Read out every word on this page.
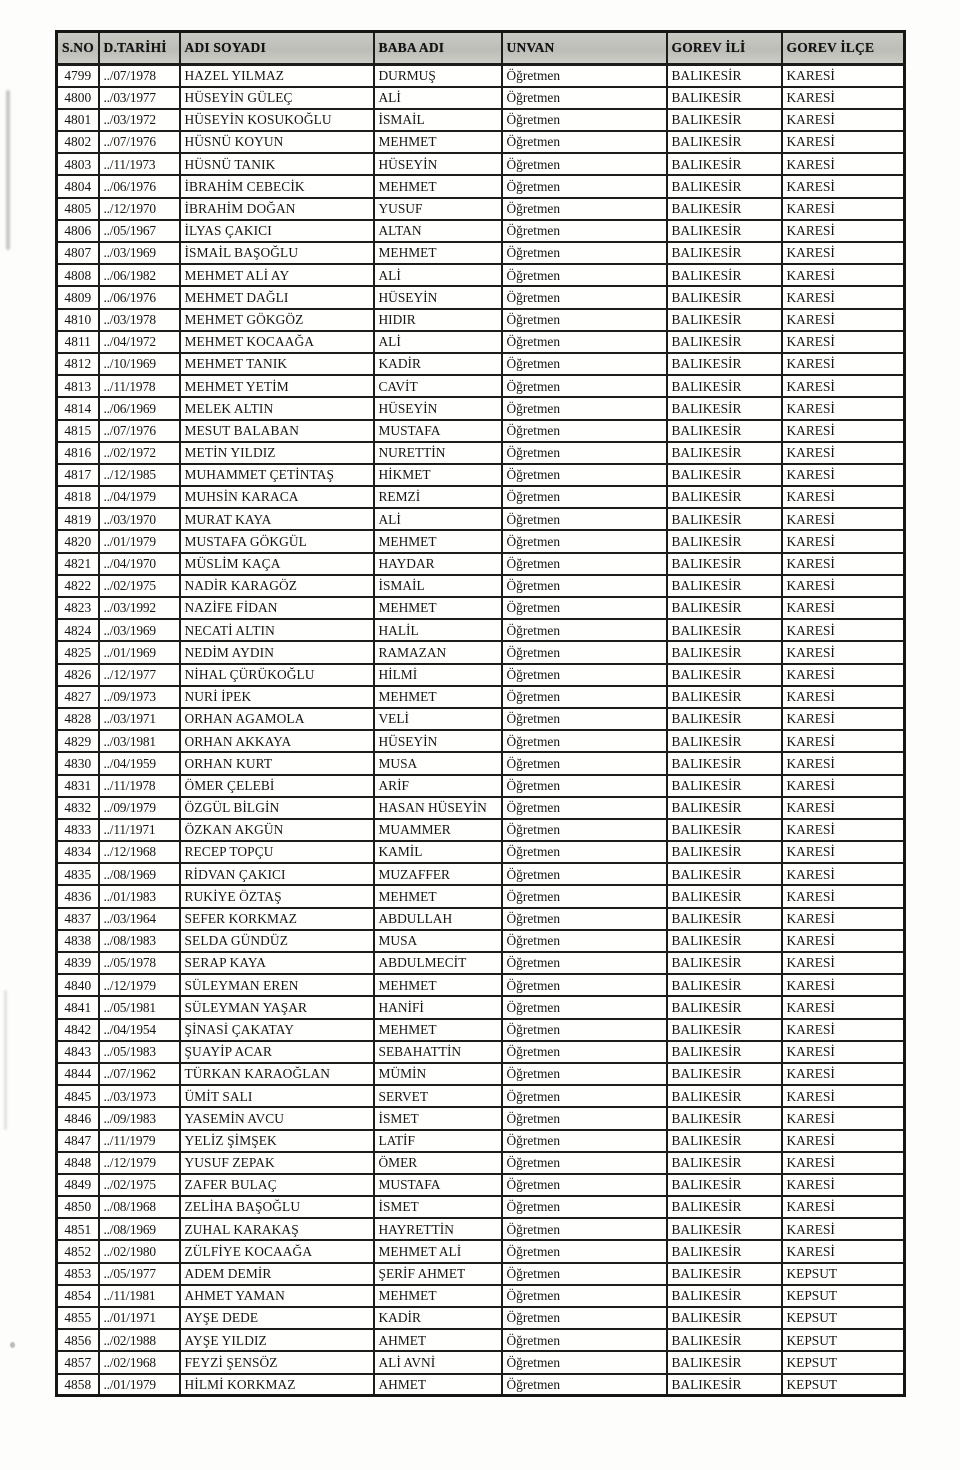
S.NO	D.TARİHİ	ADI SOYADI	BABA ADI	UNVAN	GOREV İLİ	GOREV İLÇE
4799	../07/1978	HAZEL YILMAZ	DURMUŞ	Öğretmen	BALIKESİR	KARESİ
4800	../03/1977	HÜSEYİN GÜLEÇ	ALİ	Öğretmen	BALIKESİR	KARESİ
4801	../03/1972	HÜSEYİN KOSUKOĞLU	İSMAİL	Öğretmen	BALIKESİR	KARESİ
4802	../07/1976	HÜSNÜ KOYUN	MEHMET	Öğretmen	BALIKESİR	KARESİ
4803	../11/1973	HÜSNÜ TANIK	HÜSEYİN	Öğretmen	BALIKESİR	KARESİ
4804	../06/1976	İBRAHİM CEBECİK	MEHMET	Öğretmen	BALIKESİR	KARESİ
4805	../12/1970	İBRAHİM DOĞAN	YUSUF	Öğretmen	BALIKESİR	KARESİ
4806	../05/1967	İLYAS ÇAKICI	ALTAN	Öğretmen	BALIKESİR	KARESİ
4807	../03/1969	İSMAİL BAŞOĞLU	MEHMET	Öğretmen	BALIKESİR	KARESİ
4808	../06/1982	MEHMET ALİ AY	ALİ	Öğretmen	BALIKESİR	KARESİ
4809	../06/1976	MEHMET DAĞLI	HÜSEYİN	Öğretmen	BALIKESİR	KARESİ
4810	../03/1978	MEHMET GÖKGÖZ	HIDIR	Öğretmen	BALIKESİR	KARESİ
4811	../04/1972	MEHMET KOCAAĞA	ALİ	Öğretmen	BALIKESİR	KARESİ
4812	../10/1969	MEHMET TANIK	KADİR	Öğretmen	BALIKESİR	KARESİ
4813	../11/1978	MEHMET YETİM	CAVİT	Öğretmen	BALIKESİR	KARESİ
4814	../06/1969	MELEK ALTIN	HÜSEYİN	Öğretmen	BALIKESİR	KARESİ
4815	../07/1976	MESUT BALABAN	MUSTAFA	Öğretmen	BALIKESİR	KARESİ
4816	../02/1972	METİN YILDIZ	NURETTİN	Öğretmen	BALIKESİR	KARESİ
4817	../12/1985	MUHAMMET ÇETİNTAŞ	HİKMET	Öğretmen	BALIKESİR	KARESİ
4818	../04/1979	MUHSİN KARACA	REMZİ	Öğretmen	BALIKESİR	KARESİ
4819	../03/1970	MURAT KAYA	ALİ	Öğretmen	BALIKESİR	KARESİ
4820	../01/1979	MUSTAFA GÖKGÜL	MEHMET	Öğretmen	BALIKESİR	KARESİ
4821	../04/1970	MÜSLİM KAÇA	HAYDAR	Öğretmen	BALIKESİR	KARESİ
4822	../02/1975	NADİR KARAGÖZ	İSMAİL	Öğretmen	BALIKESİR	KARESİ
4823	../03/1992	NAZİFE FİDAN	MEHMET	Öğretmen	BALIKESİR	KARESİ
4824	../03/1969	NECATİ ALTIN	HALİL	Öğretmen	BALIKESİR	KARESİ
4825	../01/1969	NEDİM AYDIN	RAMAZAN	Öğretmen	BALIKESİR	KARESİ
4826	../12/1977	NİHAL ÇÜRÜKOĞLU	HİLMİ	Öğretmen	BALIKESİR	KARESİ
4827	../09/1973	NURİ İPEK	MEHMET	Öğretmen	BALIKESİR	KARESİ
4828	../03/1971	ORHAN AGAMOLA	VELİ	Öğretmen	BALIKESİR	KARESİ
4829	../03/1981	ORHAN AKKAYA	HÜSEYİN	Öğretmen	BALIKESİR	KARESİ
4830	../04/1959	ORHAN KURT	MUSA	Öğretmen	BALIKESİR	KARESİ
4831	../11/1978	ÖMER ÇELEBİ	ARİF	Öğretmen	BALIKESİR	KARESİ
4832	../09/1979	ÖZGÜL BİLGİN	HASAN HÜSEYİN	Öğretmen	BALIKESİR	KARESİ
4833	../11/1971	ÖZKAN AKGÜN	MUAMMER	Öğretmen	BALIKESİR	KARESİ
4834	../12/1968	RECEP TOPÇU	KAMİL	Öğretmen	BALIKESİR	KARESİ
4835	../08/1969	RİDVAN ÇAKICI	MUZAFFER	Öğretmen	BALIKESİR	KARESİ
4836	../01/1983	RUKİYE ÖZTAŞ	MEHMET	Öğretmen	BALIKESİR	KARESİ
4837	../03/1964	SEFER KORKMAZ	ABDULLAH	Öğretmen	BALIKESİR	KARESİ
4838	../08/1983	SELDA GÜNDÜZ	MUSA	Öğretmen	BALIKESİR	KARESİ
4839	../05/1978	SERAP KAYA	ABDULMECİT	Öğretmen	BALIKESİR	KARESİ
4840	../12/1979	SÜLEYMAN EREN	MEHMET	Öğretmen	BALIKESİR	KARESİ
4841	../05/1981	SÜLEYMAN YAŞAR	HANİFİ	Öğretmen	BALIKESİR	KARESİ
4842	../04/1954	ŞİNASİ ÇAKATAY	MEHMET	Öğretmen	BALIKESİR	KARESİ
4843	../05/1983	ŞUAYİP ACAR	SEBAHATTİN	Öğretmen	BALIKESİR	KARESİ
4844	../07/1962	TÜRKAN KARAOĞLAN	MÜMİN	Öğretmen	BALIKESİR	KARESİ
4845	../03/1973	ÜMİT SALI	SERVET	Öğretmen	BALIKESİR	KARESİ
4846	../09/1983	YASEMİN AVCU	İSMET	Öğretmen	BALIKESİR	KARESİ
4847	../11/1979	YELİZ ŞİMŞEK	LATİF	Öğretmen	BALIKESİR	KARESİ
4848	../12/1979	YUSUF ZEPAK	ÖMER	Öğretmen	BALIKESİR	KARESİ
4849	../02/1975	ZAFER BULAÇ	MUSTAFA	Öğretmen	BALIKESİR	KARESİ
4850	../08/1968	ZELİHA BAŞOĞLU	İSMET	Öğretmen	BALIKESİR	KARESİ
4851	../08/1969	ZUHAL KARAKAŞ	HAYRETTİN	Öğretmen	BALIKESİR	KARESİ
4852	../02/1980	ZÜLFİYE KOCAAĞA	MEHMET ALİ	Öğretmen	BALIKESİR	KARESİ
4853	../05/1977	ADEM DEMİR	ŞERİF AHMET	Öğretmen	BALIKESİR	KEPSUT
4854	../11/1981	AHMET YAMAN	MEHMET	Öğretmen	BALIKESİR	KEPSUT
4855	../01/1971	AYŞE DEDE	KADİR	Öğretmen	BALIKESİR	KEPSUT
4856	../02/1988	AYŞE YILDIZ	AHMET	Öğretmen	BALIKESİR	KEPSUT
4857	../02/1968	FEYZİ ŞENSÖZ	ALİ AVNİ	Öğretmen	BALIKESİR	KEPSUT
4858	../01/1979	HİLMİ KORKMAZ	AHMET	Öğretmen	BALIKESİR	KEPSUT
